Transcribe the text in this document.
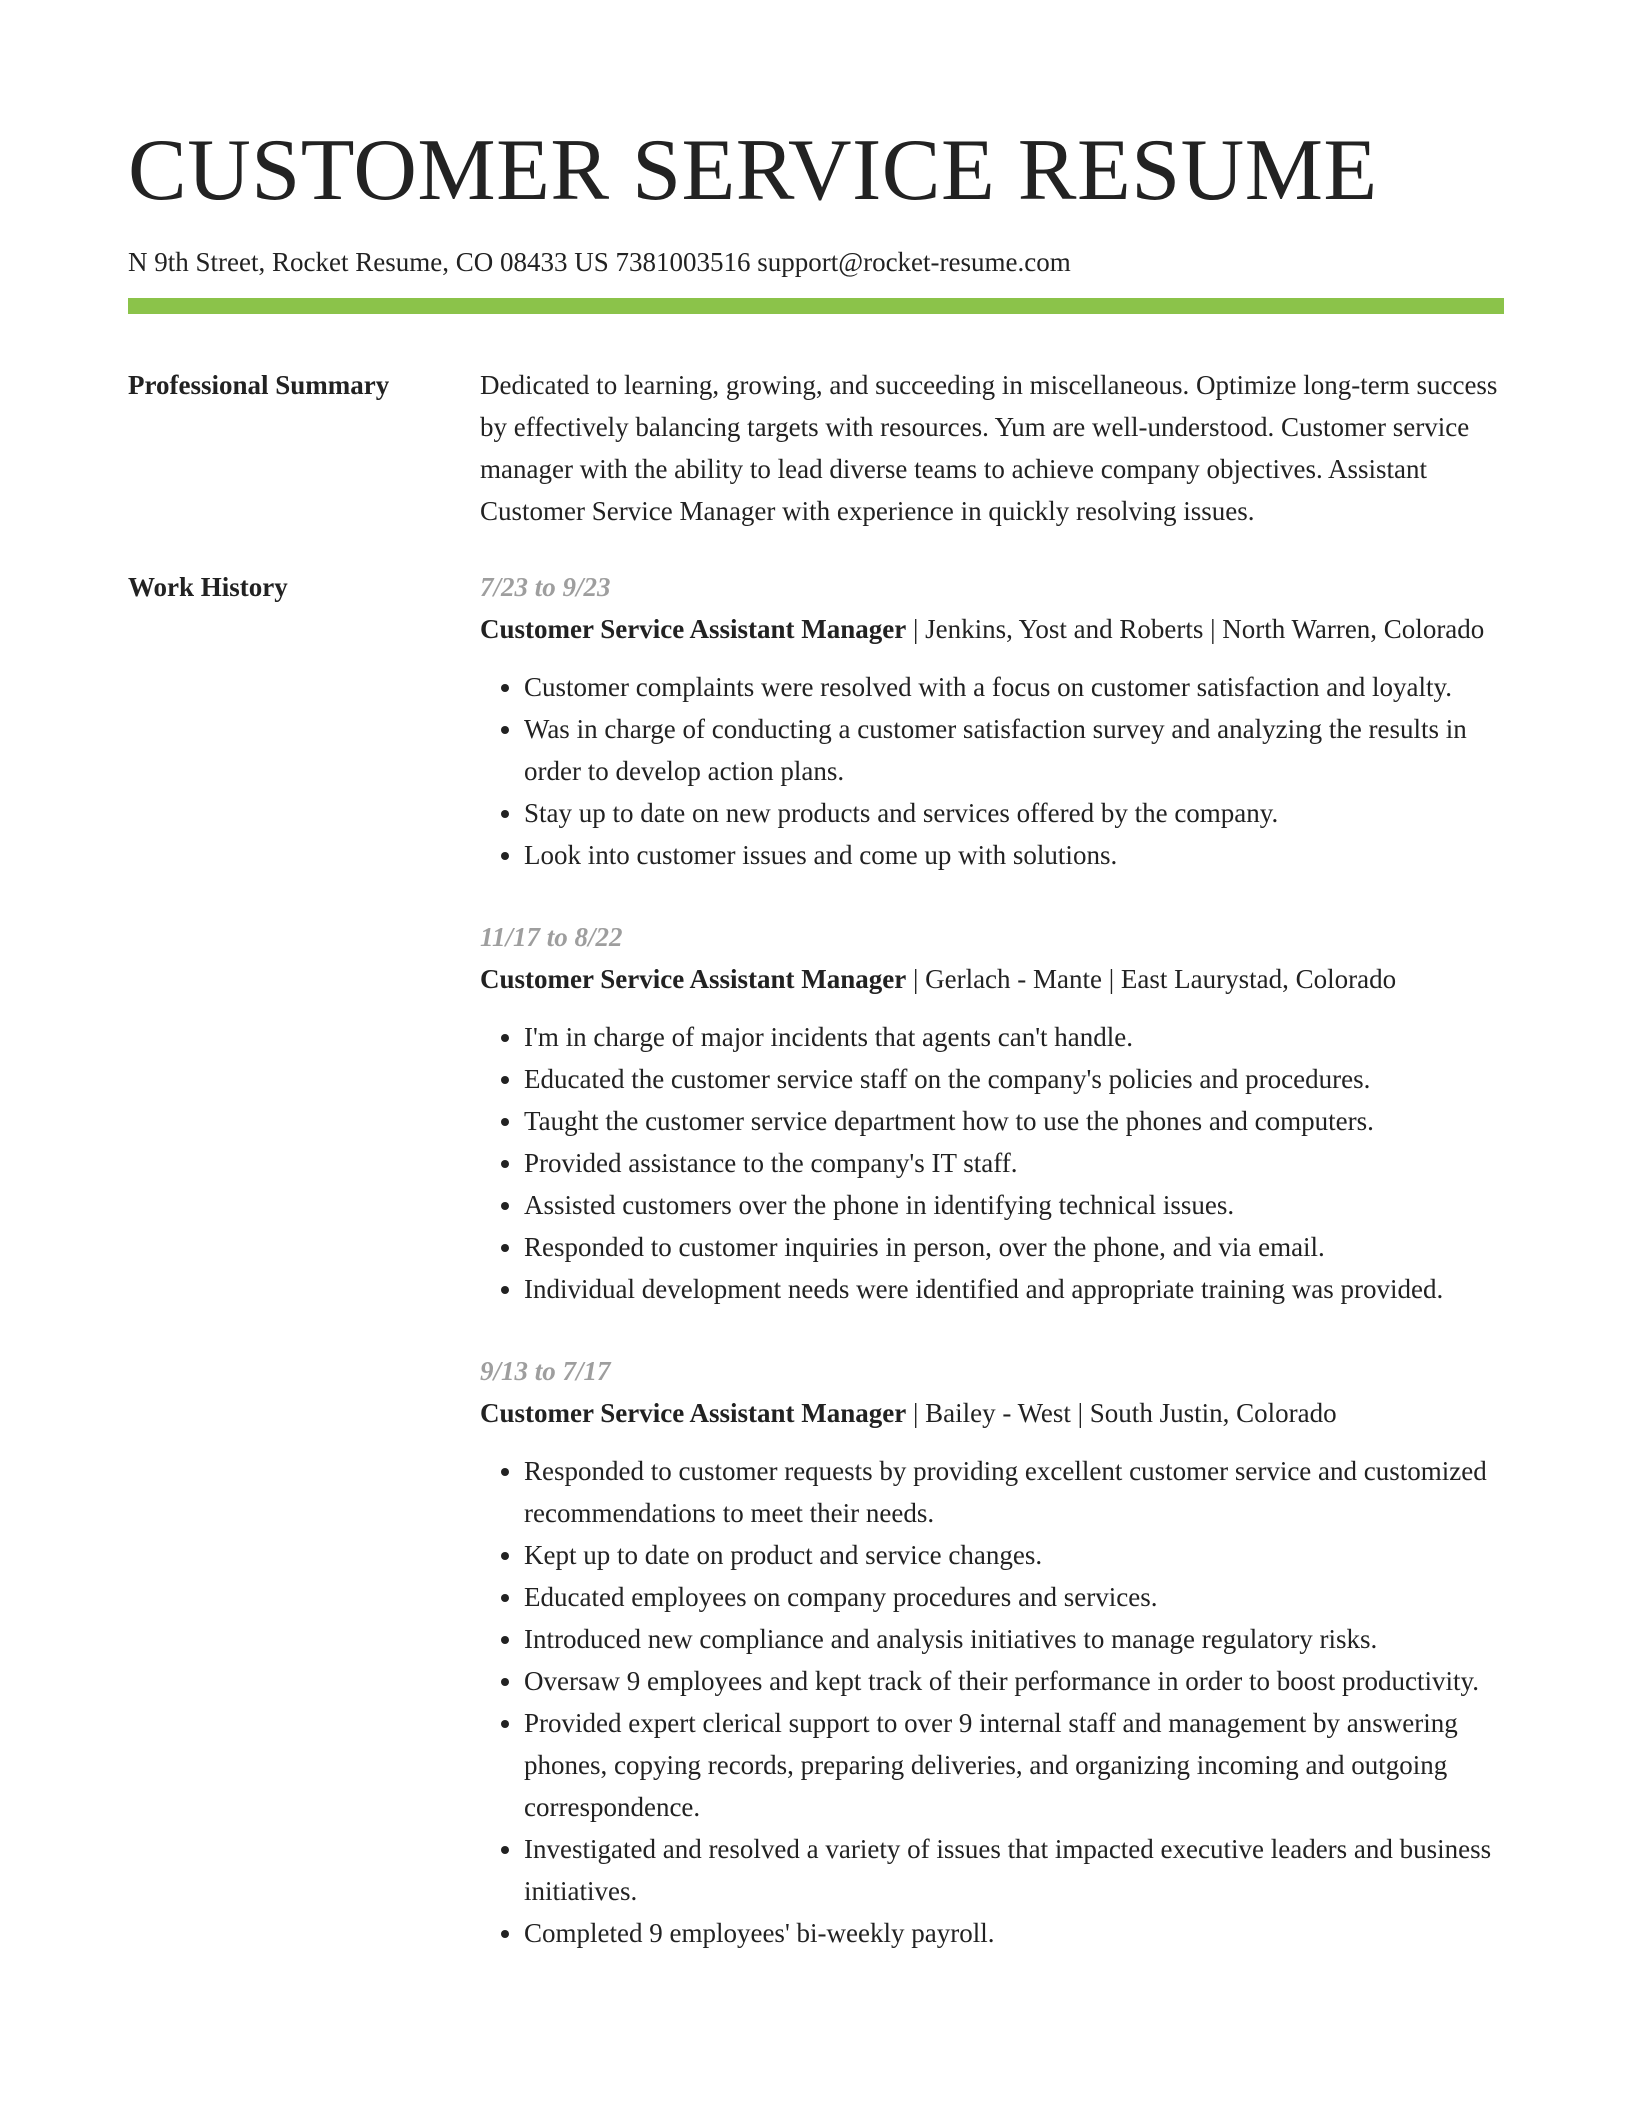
CUSTOMER SERVICE RESUME
N 9th Street, Rocket Resume, CO 08433 US 7381003516 support@rocket-resume.com
Professional Summary	Dedicated to learning, growing, and succeeding in miscellaneous. Optimize long-term success by effectively balancing targets with resources. Yum are well-understood. Customer service manager with the ability to lead diverse teams to achieve company objectives. Assistant Customer Service Manager with experience in quickly resolving issues.

Work History	7/23 to 9/23
Customer Service Assistant Manager | Jenkins, Yost and Roberts | North Warren, Colorado
• Customer complaints were resolved with a focus on customer satisfaction and loyalty.
• Was in charge of conducting a customer satisfaction survey and analyzing the results in order to develop action plans.
• Stay up to date on new products and services offered by the company.
• Look into customer issues and come up with solutions.
11/17 to 8/22
Customer Service Assistant Manager | Gerlach - Mante | East Laurystad, Colorado
• I'm in charge of major incidents that agents can't handle.
• Educated the customer service staff on the company's policies and procedures.
• Taught the customer service department how to use the phones and computers.
• Provided assistance to the company's IT staff.
• Assisted customers over the phone in identifying technical issues.
• Responded to customer inquiries in person, over the phone, and via email.
• Individual development needs were identified and appropriate training was provided.
9/13 to 7/17
Customer Service Assistant Manager | Bailey - West | South Justin, Colorado
• Responded to customer requests by providing excellent customer service and customized recommendations to meet their needs.
• Kept up to date on product and service changes.
• Educated employees on company procedures and services.
• Introduced new compliance and analysis initiatives to manage regulatory risks.
• Oversaw 9 employees and kept track of their performance in order to boost productivity.
• Provided expert clerical support to over 9 internal staff and management by answering phones, copying records, preparing deliveries, and organizing incoming and outgoing correspondence.
• Investigated and resolved a variety of issues that impacted executive leaders and business initiatives.
• Completed 9 employees' bi-weekly payroll.
